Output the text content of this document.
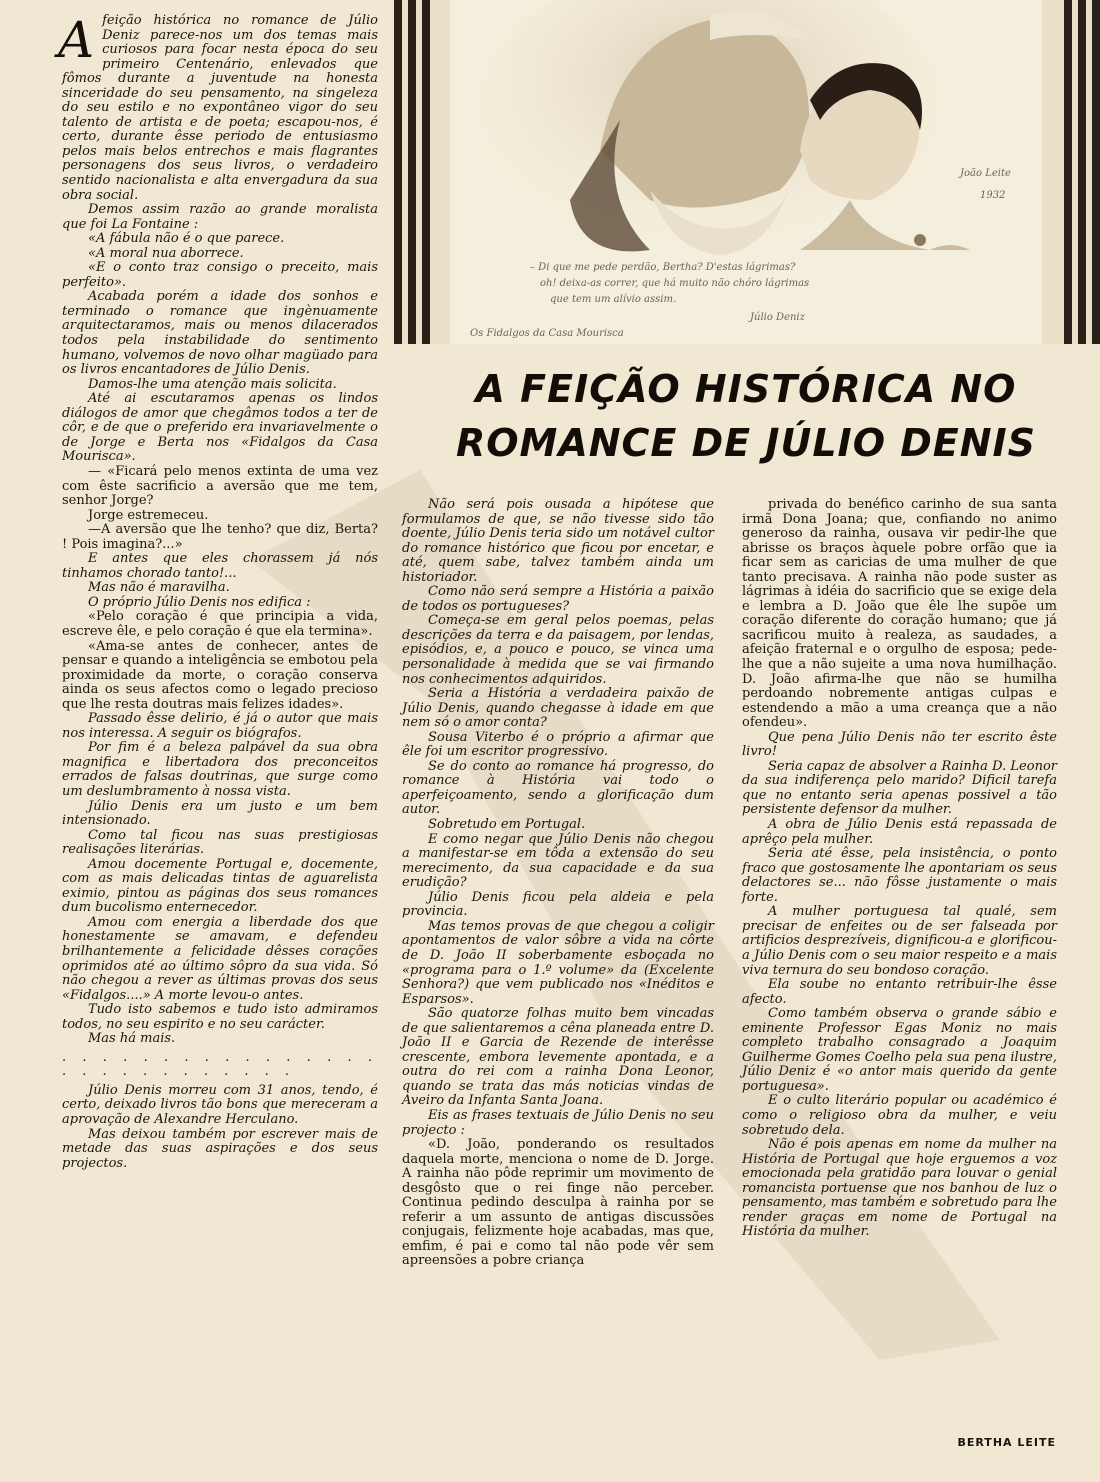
A feição histórica no romance de Júlio Deniz parece-nos um dos temas mais curiosos para focar nesta época do seu primeiro Centenário, enlevados que fômos durante a juventude na honesta sinceridade do seu pensamento, na singeleza do seu estilo e no expontâneo vigor do seu talento de artista e de poeta; escapou-nos, é certo, durante êsse periodo de entusiasmo pelos mais belos entrechos e mais flagrantes personagens dos seus livros, o verdadeiro sentido nacionalista e alta envergadura da sua obra social.

Demos assim razão ao grande moralista que foi La Fontaine :

«A fábula não é o que parece.

«A moral nua aborrece.

«E o conto traz consigo o preceito, mais perfeito».

Acabada porém a idade dos sonhos e terminado o romance que ingènuamente arquitectaramos, mais ou menos dilacerados todos pela instabilidade do sentimento humano, volvemos de novo olhar magüado para os livros encantadores de Júlio Denis.

Damos-lhe uma atenção mais solicita.

Até ai escutaramos apenas os lindos diálogos de amor que chegâmos todos a ter de côr, e de que o preferido era invariavelmente o de Jorge e Berta nos «Fidalgos da Casa Mourisca».

— «Ficará pelo menos extinta de uma vez com êste sacrificio a aversão que me tem, senhor Jorge?

Jorge estremeceu.

—A aversão que lhe tenho? que diz, Berta? ! Pois imagina?...»

E antes que eles chorassem já nós tinhamos chorado tanto!...

Mas não é maravilha.

O próprio Júlio Denis nos edifica :

«Pelo coração é que principia a vida, escreve êle, e pelo coração é que ela termina».

«Ama-se antes de conhecer, antes de pensar e quando a inteligência se embotou pela proximidade da morte, o coração conserva ainda os seus afectos como o legado precioso que lhe resta doutras mais felizes idades».

Passado êsse delirio, é já o autor que mais nos interessa. A seguir os biógrafos.

Por fim é a beleza palpável da sua obra magnifica e libertadora dos preconceitos errados de falsas doutrinas, que surge como um deslumbramento à nossa vista.

Júlio Denis era um justo e um bem intensionado.

Como tal ficou nas suas prestigiosas realisações literárias.

Amou docemente Portugal e, docemente, com as mais delicadas tintas de aguarelista eximio, pintou as páginas dos seus romances dum bucolismo enternecedor.

Amou com energia a liberdade dos que honestamente se amavam, e defendeu brilhantemente a felicidade dêsses corações oprimidos até ao último sôpro da sua vida. Só não chegou a rever as últimas provas dos seus «Fidalgos....» A morte levou-o antes.

Tudo isto sabemos e tudo isto admiramos todos, no seu espirito e no seu carácter.

Mas há mais.

. . . . . . . . . . . . . . . . . . . . . . . . . . . .

Júlio Denis morreu com 31 anos, tendo, é certo, deixado livros tão bons que mereceram a aprovação de Alexandre Herculano.

Mas deixou também por escrever mais de metade das suas aspirações e dos seus projectos.

João Leite
1932
– Di que me pede perdão, Bertha? D'estas lágrimas?
oh! deixa-as correr, que há muito não chóro lágrimas
que tem um alívio assim.
Júlio Deniz
Os Fidalgos da Casa Mourisca
A FEIÇÃO HISTÓRICA NO
ROMANCE DE JÚLIO DENIS

Não será pois ousada a hipótese que formulamos de que, se não tivesse sido tão doente, Júlio Denis teria sido um notável cultor do romance histórico que ficou por encetar, e até, quem sabe, talvez também ainda um historiador.

Como não será sempre a História a paixão de todos os portugueses?

Começa-se em geral pelos poemas, pelas descrições da terra e da paisagem, por lendas, episódios, e, a pouco e pouco, se vinca uma personalidade à medida que se vai firmando nos conhecimentos adquiridos.

Seria a História a verdadeira paixão de Júlio Denis, quando chegasse à idade em que nem só o amor conta?

Sousa Viterbo é o próprio a afirmar que êle foi um escritor progressivo.

Se do conto ao romance há progresso, do romance à História vai todo o aperfeiçoamento, sendo a glorificação dum autor.

Sobretudo em Portugal.

E como negar que Júlio Denis não chegou a manifestar-se em tôda a extensão do seu merecimento, da sua capacidade e da sua erudição?

Júlio Denis ficou pela aldeia e pela provincia.

Mas temos provas de que chegou a coligir apontamentos de valor sôbre a vida na côrte de D. João II soberbamente esboçada no «programa para o 1.º volume» da (Excelente Senhora?) que vem publicado nos «Inéditos e Esparsos».

São quatorze folhas muito bem vincadas de que salientaremos a cêna planeada entre D. João II e Garcia de Rezende de interêsse crescente, embora levemente apontada, e a outra do rei com a rainha Dona Leonor, quando se trata das más noticias vindas de Aveiro da Infanta Santa Joana.

Eis as frases textuais de Júlio Denis no seu projecto :

«D. João, ponderando os resultados daquela morte, menciona o nome de D. Jorge. A rainha não pôde reprimir um movimento de desgôsto que o rei finge não perceber. Continua pedindo desculpa à rainha por se referir a um assunto de antigas discussões conjugais, felizmente hoje acabadas, mas que, emfim, é pai e como tal não pode vêr sem apreensões a pobre criança

privada do benéfico carinho de sua santa irmã Dona Joana; que, confiando no animo generoso da rainha, ousava vir pedir-lhe que abrisse os braços àquele pobre orfão que ia ficar sem as caricias de uma mulher de que tanto precisava. A rainha não pode suster as lágrimas à idéia do sacrificio que se exige dela e lembra a D. João que êle lhe supõe um coração diferente do coração humano; que já sacrificou muito à realeza, as saudades, a afeição fraternal e o orgulho de esposa; pede-lhe que a não sujeite a uma nova humilhação. D. João afirma-lhe que não se humilha perdoando nobremente antigas culpas e estendendo a mão a uma creança que a não ofendeu».

Que pena Júlio Denis não ter escrito êste livro!

Seria capaz de absolver a Rainha D. Leonor da sua indiferença pelo marido? Dificil tarefa que no entanto seria apenas possivel a tão persistente defensor da mulher.

A obra de Júlio Denis está repassada de aprêço pela mulher.

Seria até êsse, pela insistência, o ponto fraco que gostosamente lhe apontariam os seus delactores se... não fôsse justamente o mais forte.

A mulher portuguesa tal qualé, sem precisar de enfeites ou de ser falseada por artificios desprezíveis, dignificou-a e glorificou-a Júlio Denis com o seu maior respeito e a mais viva ternura do seu bondoso coração.

Ela soube no entanto retribuir-lhe êsse afecto.

Como também observa o grande sábio e eminente Professor Egas Moniz no mais completo trabalho consagrado a Joaquim Guilherme Gomes Coelho pela sua pena ilustre, Júlio Deniz é «o antor mais querido da gente portuguesa».

E o culto literário popular ou académico é como o religioso obra da mulher, e veiu sobretudo dela.

Não é pois apenas em nome da mulher na História de Portugal que hoje erguemos a voz emocionada pela gratidão para louvar o genial romancista portuense que nos banhou de luz o pensamento, mas também e sobretudo para lhe render graças em nome de Portugal na História da mulher.

BERTHA LEITE
